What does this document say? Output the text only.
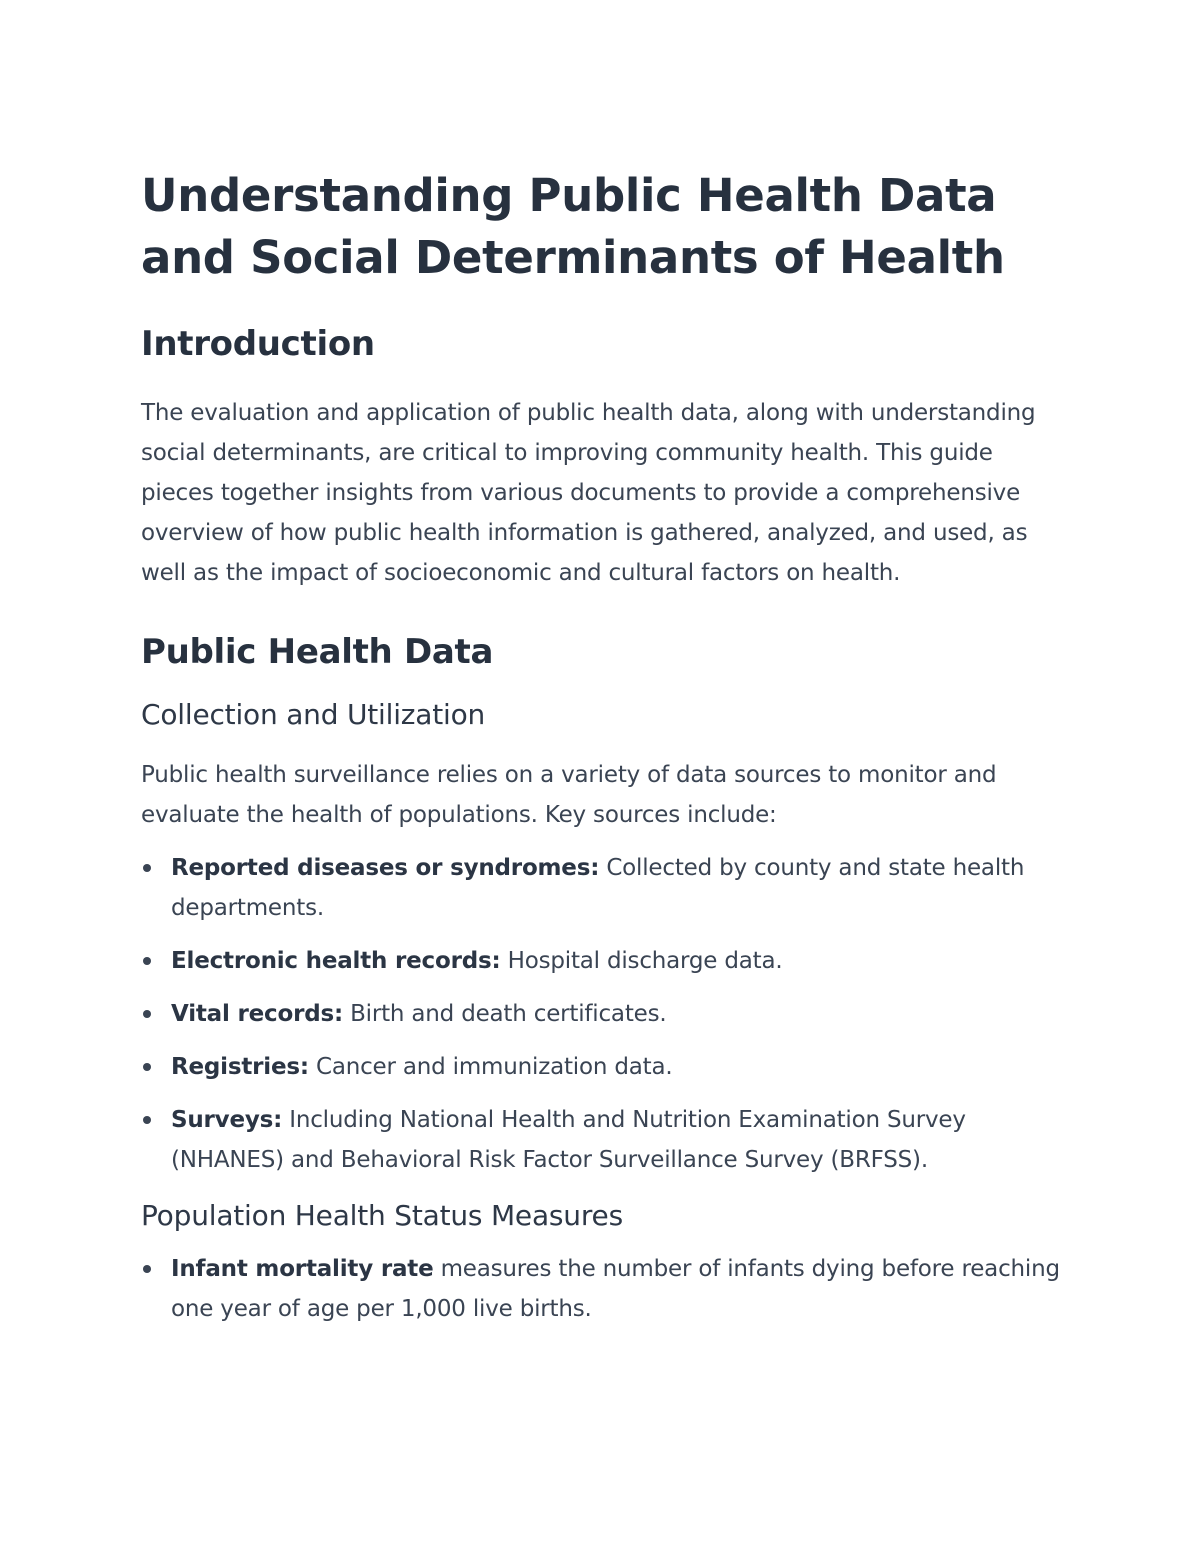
Understanding Public Health Data and Social Determinants of Health
Introduction

The evaluation and application of public health data, along with understanding social determinants, are critical to improving community health. This guide pieces together insights from various documents to provide a comprehensive overview of how public health information is gathered, analyzed, and used, as well as the impact of socioeconomic and cultural factors on health.

Public Health Data
Collection and Utilization

Public health surveillance relies on a variety of data sources to monitor and evaluate the health of populations. Key sources include:

Reported diseases or syndromes: Collected by county and state health departments.
Electronic health records: Hospital discharge data.
Vital records: Birth and death certificates.
Registries: Cancer and immunization data.
Surveys: Including National Health and Nutrition Examination Survey (NHANES) and Behavioral Risk Factor Surveillance Survey (BRFSS).
Population Health Status Measures
Infant mortality rate measures the number of infants dying before reaching one year of age per 1,000 live births.
